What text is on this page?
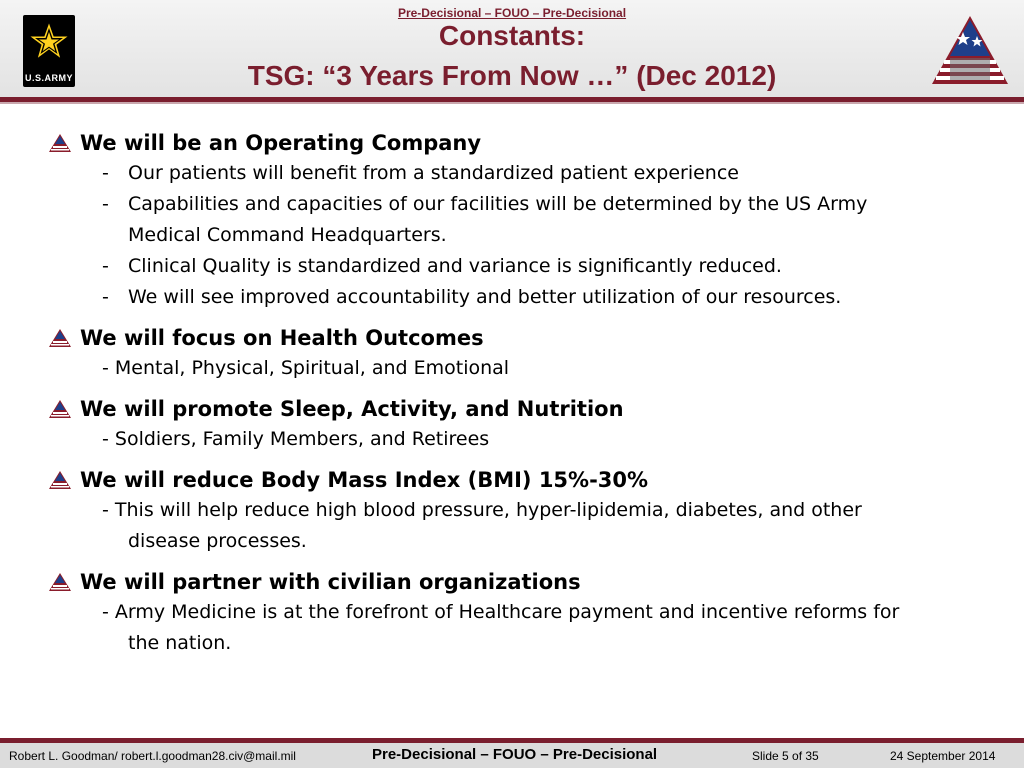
U.S.ARMY
Pre-Decisional – FOUO – Pre-Decisional
Constants:
TSG: “3 Years From Now …” (Dec 2012)
We will be an Operating Company
- Our patients will benefit from a standardized patient experience
- Capabilities and capacities of our facilities will be determined by the US Army
Medical Command Headquarters.
- Clinical Quality is standardized and variance is significantly reduced.
- We will see improved accountability and better utilization of our resources.
We will focus on Health Outcomes
- Mental, Physical, Spiritual, and Emotional
We will promote Sleep, Activity, and Nutrition
- Soldiers, Family Members, and Retirees
We will reduce Body Mass Index (BMI) 15%-30%
- This will help reduce high blood pressure, hyper-lipidemia, diabetes, and other
disease processes.
We will partner with civilian organizations
- Army Medicine is at the forefront of Healthcare payment and incentive reforms for
the nation.
Robert L. Goodman/ robert.l.goodman28.civ@mail.mil	Pre-Decisional – FOUO – Pre-Decisional	Slide 5 of 35	24 September 2014
